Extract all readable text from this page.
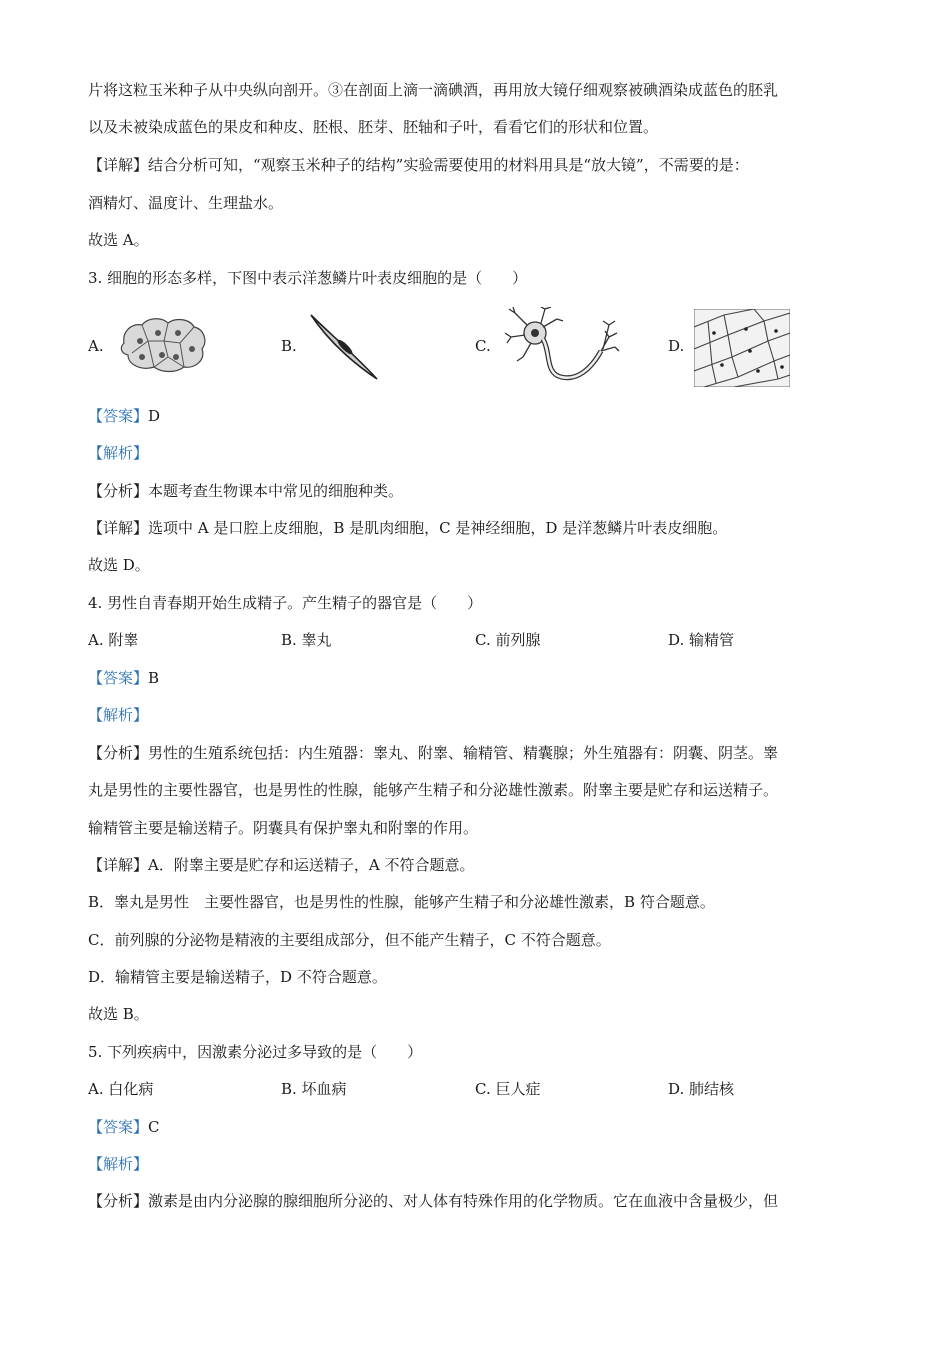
片将这粒玉米种子从中央纵向剖开。③在剖面上滴一滴碘酒，再用放大镜仔细观察被碘酒染成蓝色的胚乳
以及未被染成蓝色的果皮和种皮、胚根、胚芽、胚轴和子叶，看看它们的形状和位置。
【详解】结合分析可知，“观察玉米种子的结构”实验需要使用的材料用具是“放大镜”，不需要的是：
酒精灯、温度计、生理盐水。
故选 A。
3. 细胞的形态多样，下图中表示洋葱鳞片叶表皮细胞的是（　　）
A.	B.	C.	D.
【答案】D
【解析】
【分析】本题考查生物课本中常见的细胞种类。
【详解】选项中 A 是口腔上皮细胞，B 是肌肉细胞，C 是神经细胞，D 是洋葱鳞片叶表皮细胞。
故选 D。
4. 男性自青春期开始生成精子。产生精子的器官是（　　）
A. 附睾	B. 睾丸	C. 前列腺	D. 输精管
【答案】B
【解析】
【分析】男性的生殖系统包括：内生殖器：睾丸、附睾、输精管、精囊腺；外生殖器有：阴囊、阴茎。睾
丸是男性的主要性器官，也是男性的性腺，能够产生精子和分泌雄性激素。附睾主要是贮存和运送精子。
输精管主要是输送精子。阴囊具有保护睾丸和附睾的作用。
【详解】A．附睾主要是贮存和运送精子，A 不符合题意。
B．睾丸是男性　主要性器官，也是男性的性腺，能够产生精子和分泌雄性激素，B 符合题意。
C．前列腺的分泌物是精液的主要组成部分，但不能产生精子，C 不符合题意。
D．输精管主要是输送精子，D 不符合题意。
故选 B。
5. 下列疾病中，因激素分泌过多导致的是（　　）
A. 白化病	B. 坏血病	C. 巨人症	D. 肺结核
【答案】C
【解析】
【分析】激素是由内分泌腺的腺细胞所分泌的、对人体有特殊作用的化学物质。它在血液中含量极少，但
